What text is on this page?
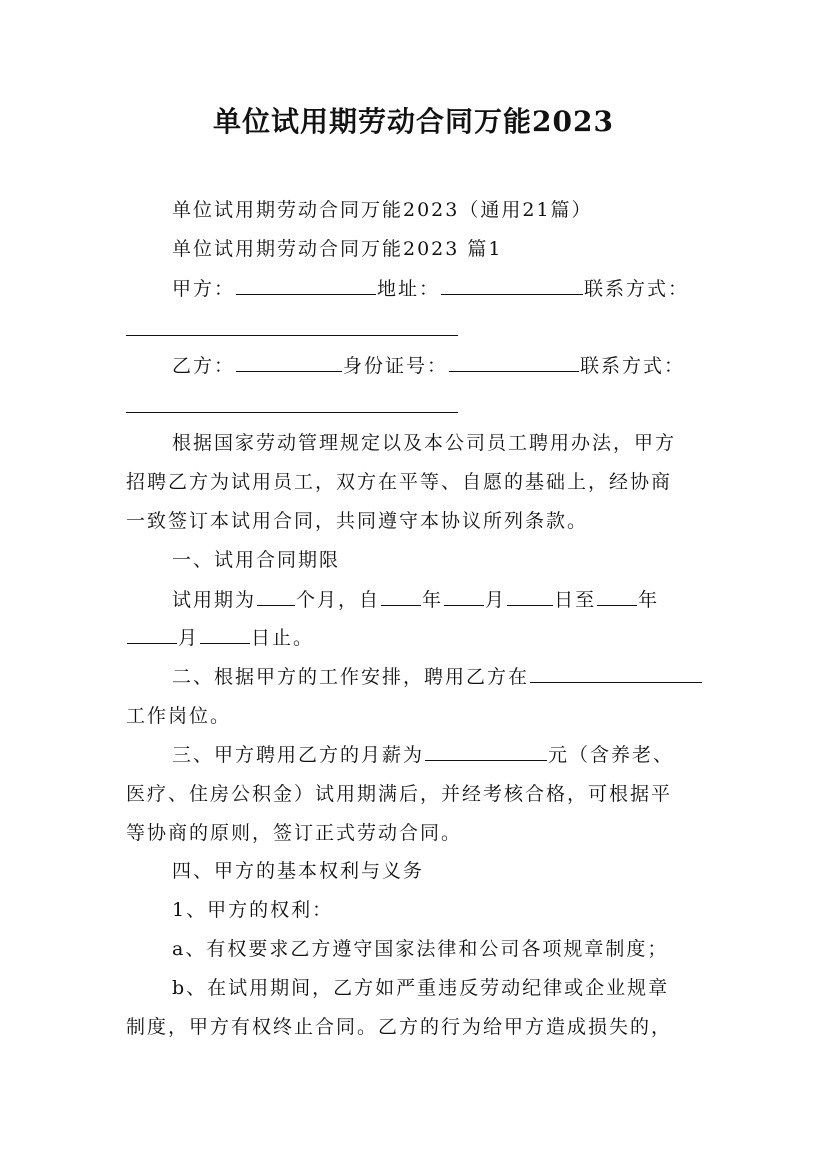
单位试用期劳动合同万能2023
单位试用期劳动合同万能2023（通用21篇）
单位试用期劳动合同万能2023 篇1
甲方：	地址：	联系方式：
乙方：	身份证号：	联系方式：
根据国家劳动管理规定以及本公司员工聘用办法，甲方
招聘乙方为试用员工，双方在平等、自愿的基础上，经协商
一致签订本试用合同，共同遵守本协议所列条款。
一、试用合同期限
试用期为 个月，自 年 月	日至 年
月	日止。
二、根据甲方的工作安排，聘用乙方在
工作岗位。
三、甲方聘用乙方的月薪为	元（含养老、
医疗、住房公积金）试用期满后，并经考核合格，可根据平
等协商的原则，签订正式劳动合同。
四、甲方的基本权利与义务
1、甲方的权利：
a、有权要求乙方遵守国家法律和公司各项规章制度；
b、在试用期间，乙方如严重违反劳动纪律或企业规章
制度，甲方有权终止合同。乙方的行为给甲方造成损失的，
